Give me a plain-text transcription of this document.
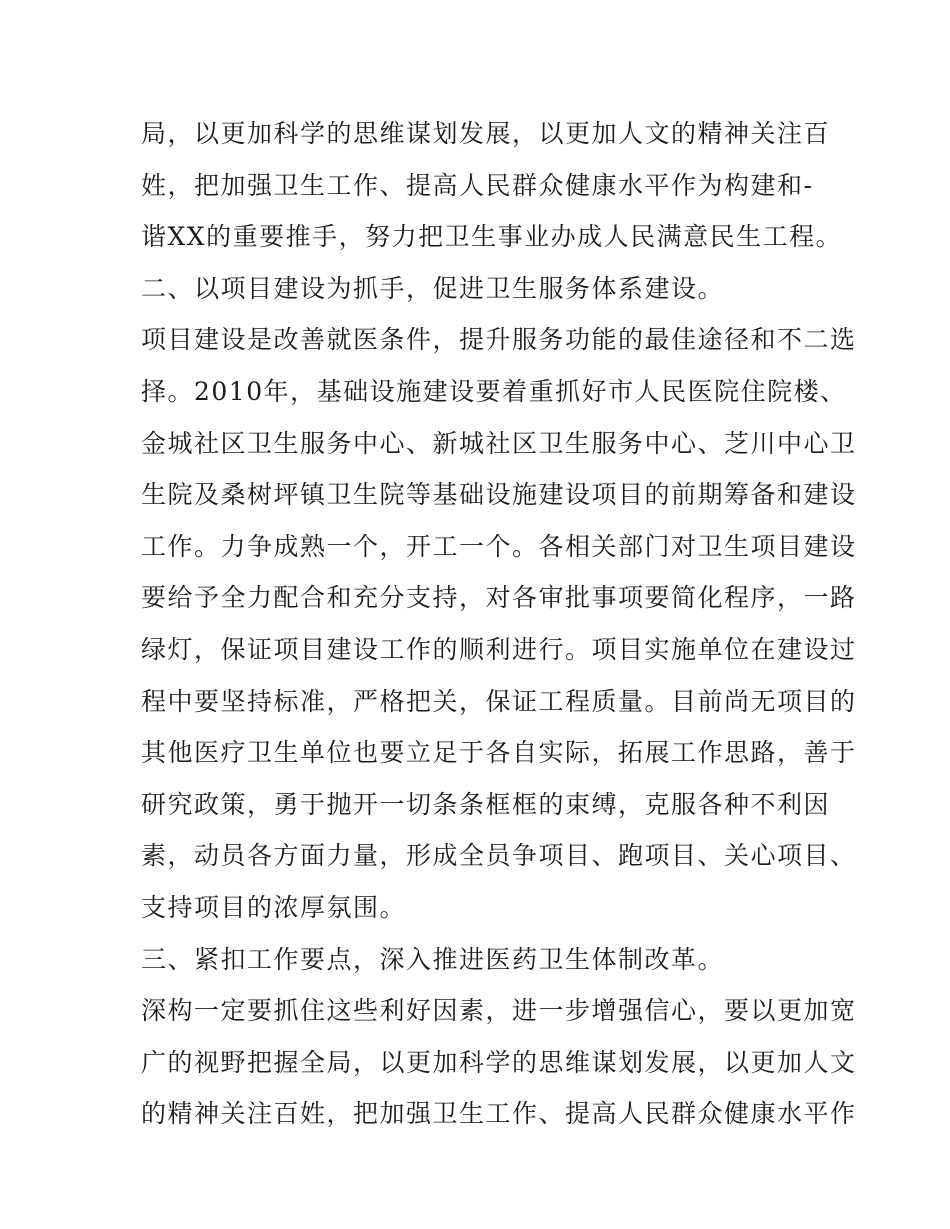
局，以更加科学的思维谋划发展，以更加人文的精神关注百
姓，把加强卫生工作、提高人民群众健康水平作为构建和-
谐XX的重要推手，努力把卫生事业办成人民满意民生工程。
二、以项目建设为抓手，促进卫生服务体系建设。
项目建设是改善就医条件，提升服务功能的最佳途径和不二选
择。2010年，基础设施建设要着重抓好市人民医院住院楼、
金城社区卫生服务中心、新城社区卫生服务中心、芝川中心卫
生院及桑树坪镇卫生院等基础设施建设项目的前期筹备和建设
工作。力争成熟一个，开工一个。各相关部门对卫生项目建设
要给予全力配合和充分支持，对各审批事项要简化程序，一路
绿灯，保证项目建设工作的顺利进行。项目实施单位在建设过
程中要坚持标准，严格把关，保证工程质量。目前尚无项目的
其他医疗卫生单位也要立足于各自实际，拓展工作思路，善于
研究政策，勇于抛开一切条条框框的束缚，克服各种不利因
素，动员各方面力量，形成全员争项目、跑项目、关心项目、
支持项目的浓厚氛围。
三、紧扣工作要点，深入推进医药卫生体制改革。
深构一定要抓住这些利好因素，进一步增强信心，要以更加宽
广的视野把握全局，以更加科学的思维谋划发展，以更加人文
的精神关注百姓，把加强卫生工作、提高人民群众健康水平作
